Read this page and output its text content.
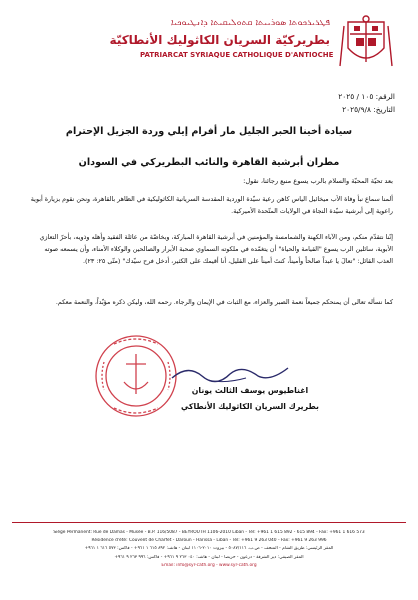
ܦܛܪܝܪܟܘܬܐ ܣܘܪܝܝܬܐ ܩܬܘܠܝܩܝܬܐ ܕܐܢܛܝܘܟܝܐ
بطريركيّة السريان الكاثوليك الأنطاكيّة
PATRIARCAT SYRIAQUE CATHOLIQUE D'ANTIOCHE
الرقم: ١٠٥ / ٢٠٢٥
التاريخ: ٢٠٢٥/٩/٨
سيادة أخينا الحبر الجليل مار أفرام إيلي وردة الجزيل الإحترام
مطران أبرشية القاهرة والنائب البطريركي في السودان
بعد تحيّة المحبّة والسلام بالرب يسوع منبع رجائنا، نقول:
ألمنا سماع نبأ وفاة الأب ميخائيل الياس كاهن رعية سيّدة الوردية المقدسة السريانية الكاثوليكية في الظاهر بالقاهرة، ونحن نقوم بزيارة أبوية راعوية إلى أبرشية سيّدة النجاة في الولايات المتّحدة الأميركية.
إنّنا نتقدّم منكم، ومن الآباء الكهنة والشمامسة والمؤمنين في أبرشية القاهرة المباركة، وبخاصّة من عائلة الفقيد وأهله وذويه، بأحرّ التعازي الأبوية، سائلين الرب يسوع "القيامة والحياة" أن يتغمّده في ملكوته السماوي صحبة الأبرار والصالحين والوكلاء الأمناء، وأن يسمعه صوته العذب القائل: "تعالَ يا عبداً صالحاً وأميناً، كنتَ أميناً على القليل، أنا أقيمك على الكثير، أدخل فرح سيّدك" (متّى ٢٥: ٢٣).
كما نسأله تعالى أن يمنحكم جميعاً نعمة الصبر والعزاء، مع الثبات في الإيمان والرجاء. رحمه الله، وليكن ذكره مؤبّداً، والنعمة معكم.
اغناطيوس يوسف الثالث يونان
بطريرك السريان الكاثوليك الأنطاكي
Siège Permanent: Rue de Damas - Musée - B.P. 116/5087 - BEYROUTH 1106-2010 Liban - Tél: +961 1 615 892 - 615 894 - Fax: +961 1 616 573
Résidence d'été: Couvent de Charfet - Daroun - Harissa - Liban - Tél: +961 9 263 040 - Fax: +961 9 263 996
المقر الرئيسي: طريق الشام - المتحف - ص.ب. ٥٠٨٧/١١٦ - بيروت ٢٠١٠-١١٠٦ لبنان - هاتف: ٨٩٢ ٦١٥ ١ ٩٦١+ - فاكس: ٥٧٣ ٦١٦ ١ ٩٦١+
المقر الصيفي: دير الشرفة - درعون - حريصا - لبنان - هاتف: ٠٤٠ ٢٦٣ ٩ ٩٦١+ - فاكس: ٩٩٦ ٢٦٣ ٩ ٩٦١+
Email: info@syr-cath.org - www.syr-cath.org
